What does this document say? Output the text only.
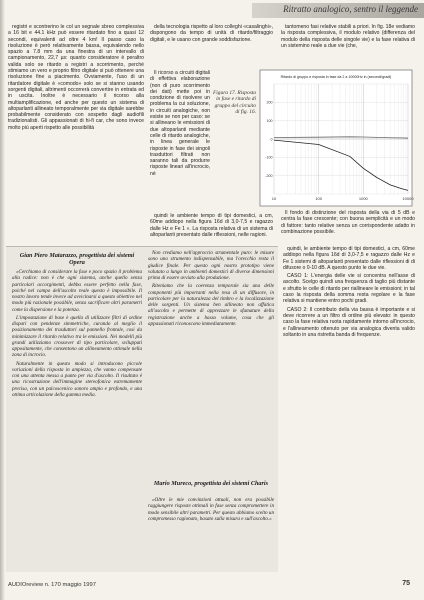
Ritratto analogico, sentro il leggende

registri e scontrerino le col un segnale sbreo complessiva a 16 bit e 44.1 kHz può essere ritardato fino a quasi 12 secondi, equivalenti ad oltre 4 km! Il passo caso la risoluzione è però relativamente bassa, equivalendo nello spazio a 7.8 mm da una finestra di un intervallo di campionamento, 22,7 µs: quanto consideratore è peraltro valida solo se ritardo a registri a scorrimento, perché stimiamo un vero e proprio filtro digitale si può ottenere una risoluzione fine a piacimento. Ovviamente, l'uso di un ritardatore digitale è «comodo» solo se si stanno usando sorgenti digitali, altrimenti occorrerà convertire in entrata ed in uscita. Inoltre è necessario il ricorso alla multiamplificazione, ed anche per questo un sistema di altoparlanti allineato temporalmente per via digitale sarebbe probabilmente considerato con sospetto dagli audiofili tradizionalisti. Gli appassionati di hi-fi car, che sono invece molto più aperti rispetto alle possibilità

della tecnologia rispetto al loro colleghi «casalinghi», dispongono da tempo di unità di ritardo/filtraggio digitali, e le usano con grande soddisfazione.

Il ricorso a circuiti digitali di effettiva elaborazione (non di puro scorrimento dei dati) mette poi in condizione di risolvere un problema la cui soluzione, in circuiti analogiche, non esiste se non per caso: se si allineano le emissioni di due altoparlanti mediante celle di ritardo analogiche, in linea generale le risposte in fase dei singoli trasduttori filtrati non saranno tali da produrre risposte lineari all'incrocio, né

tantomeno fasi relative stabili a priori. In fig. 18e vediamo la risposta complessiva, il modulo relativo (differenza del modulo della risposta delle singole vie) e la fase relativa di un sistemino reale a due vie (che,

Figura 17. Risposta in fase e ritardo di gruppo del circuito di fig. 16.
Ritardo di gruppo e risposta in fase da 2 a 10000Hz in (secondi/gradi)
10	100	1000	10000
200
100
0
-100
-200

quindi le ambiente tempo di tipi domestici, a cm, 60me addiopo nella figura 16d di 3,0-7,5 e ragazzo dalle Hz e Fe 1 ». La risposta relativa di un sistema di altoparlanti presentato dalle riflessioni, nelle ragioni.

Il fondo di distinzione del risposta della via di 5 dB e centra la fase crescente; con buona semplicità e un modo di fattore: tanto relative senza un corrispondente adatto in combinazione possibile.

Gian Piero Matarazzo, progettista dei sistemi Opera

«Cerchiamo di considerare la fase e poco spazio il problema alla radice: non è che ogni sistema, anche quello senza particolari accorgimenti, debba essere perfetto nella fase, poiché nel campo dell'ascolto reale questo è impossibile. Il nostro lavoro tende invece ad avvicinarsi a questo obiettivo nel modo più razionale possibile, senza sacrificare altri parametri come la dispersione e la potenza.

L'impostazione di base è quella di utilizzare filtri di ordine dispari con pendenze simmetriche, curando al meglio il posizionamento dei trasduttori sul pannello frontale, così da minimizzare il ritardo relativo tra le emissioni. Nei modelli più grandi utilizziamo crossover di tipo particolare, sviluppati appositamente, che consentono un allineamento ottimale nella zona di incrocio.

Naturalmente in questo modo si introducono piccole variazioni della risposta in ampiezza, che vanno compensate con una attenta messa a punto per via d'ascolto. Il risultato è una ricostruzione dell'immagine stereofonica estremamente precisa, con un palcoscenico sonoro ampio e profondo, e una ottima articolazione della gamma media.

Non crediamo nell'approccio strumentale puro: le misure sono uno strumento indispensabile, ma l'orecchio resta il giudice finale. Per questo ogni nostro prototipo viene valutato a lungo in ambienti domestici di diverse dimensioni prima di essere avviato alla produzione.

Riteniamo che la coerenza temporale sia una delle componenti più importanti nella resa di un diffusore, in particolare per la naturalezza del timbro e la localizzazione delle sorgenti. Un sistema ben allineato non affatica all'ascolto e permette di apprezzare le sfumature della registrazione anche a basso volume, cosa che gli appassionati riconoscono immediatamente.

Mario Mureco, progettista dei sistemi Charis

«Oltre le mie convinzioni attuali, non era possibile raggiungere risposte ottimali in fase senza compromettere in modo sensibile altri parametri. Per questo abbiamo scelto un compromesso ragionato, basato sulla misura e sull'ascolto.»

quindi, le ambiente tempo di tipi domestici, a cm, 60me addiopo nella figura 16d di 3,0-7,5 e ragazzo dalle Hz e Fe 1 sistemi di altoparlanti presentato dalle riflessioni di di difusore o 0-10 dB. A questo punto le due vie.

CASO 1: L'energia delle vie si concentra nell'asse di ascolto. Scelgo quindi una frequenza di taglio più distante e sfrutto le celle di ritardo per riallineare le emissioni; in tal caso la risposta della somma resta regolare e la fase relativa si mantiene entro pochi gradi.

CASO 2: Il contributo della via bassa è importante e si deve ricorrere a un filtro di ordine più elevato: in questo caso la fase relativa ruota rapidamente intorno all'incrocio, e l'allineamento ottenuto per via analogica diventa valido soltanto in una ristretta banda di frequenze.

AUDIOreview n. 170 maggio 1997	75
